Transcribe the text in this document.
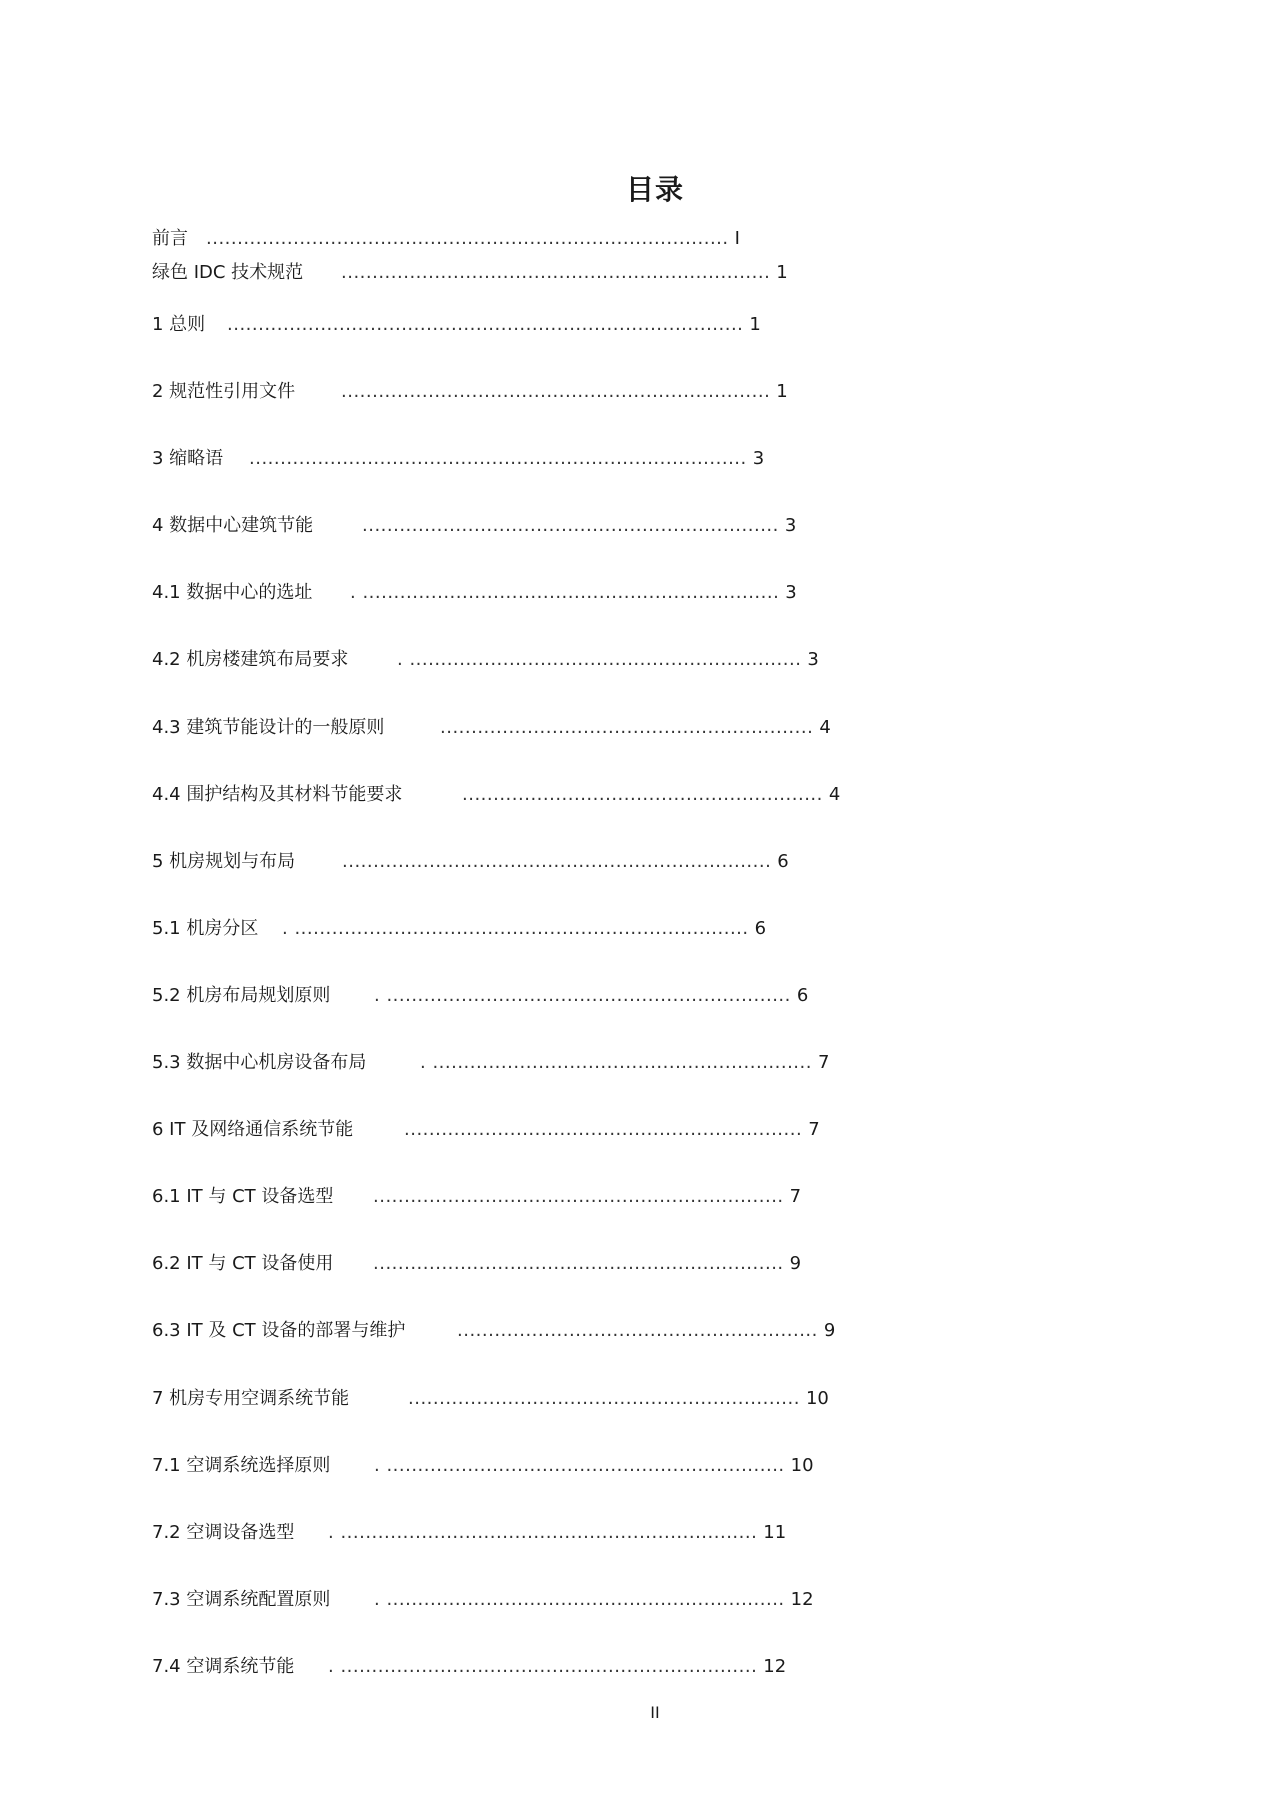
目录
前言 .................................................................................... I
绿色 IDC 技术规范 ..................................................................... 1
1 总则 ................................................................................... 1
2 规范性引用文件	..................................................................... 1
3 缩略语 ................................................................................ 3
4 数据中心建筑节能	................................................................... 3
4.1 数据中心的选址 . ................................................................... 3
4.2 机房楼建筑布局要求	. ............................................................... 3
4.3 建筑节能设计的一般原则	............................................................ 4
4.4 围护结构及其材料节能要求	.......................................................... 4
5 机房规划与布局	..................................................................... 6
5.1 机房分区 . ......................................................................... 6
5.2 机房布局规划原则 . ................................................................. 6
5.3 数据中心机房设备布局	. ............................................................. 7
6 IT 及网络通信系统节能	................................................................ 7
6.1 IT 与 CT 设备选型 .................................................................. 7
6.2 IT 与 CT 设备使用 .................................................................. 9
6.3 IT 及 CT 设备的部署与维护	.......................................................... 9
7 机房专用空调系统节能	............................................................... 10
7.1 空调系统选择原则 . ................................................................ 10
7.2 空调设备选型 . ................................................................... 11
7.3 空调系统配置原则 . ................................................................ 12
7.4 空调系统节能 . ................................................................... 12
II
